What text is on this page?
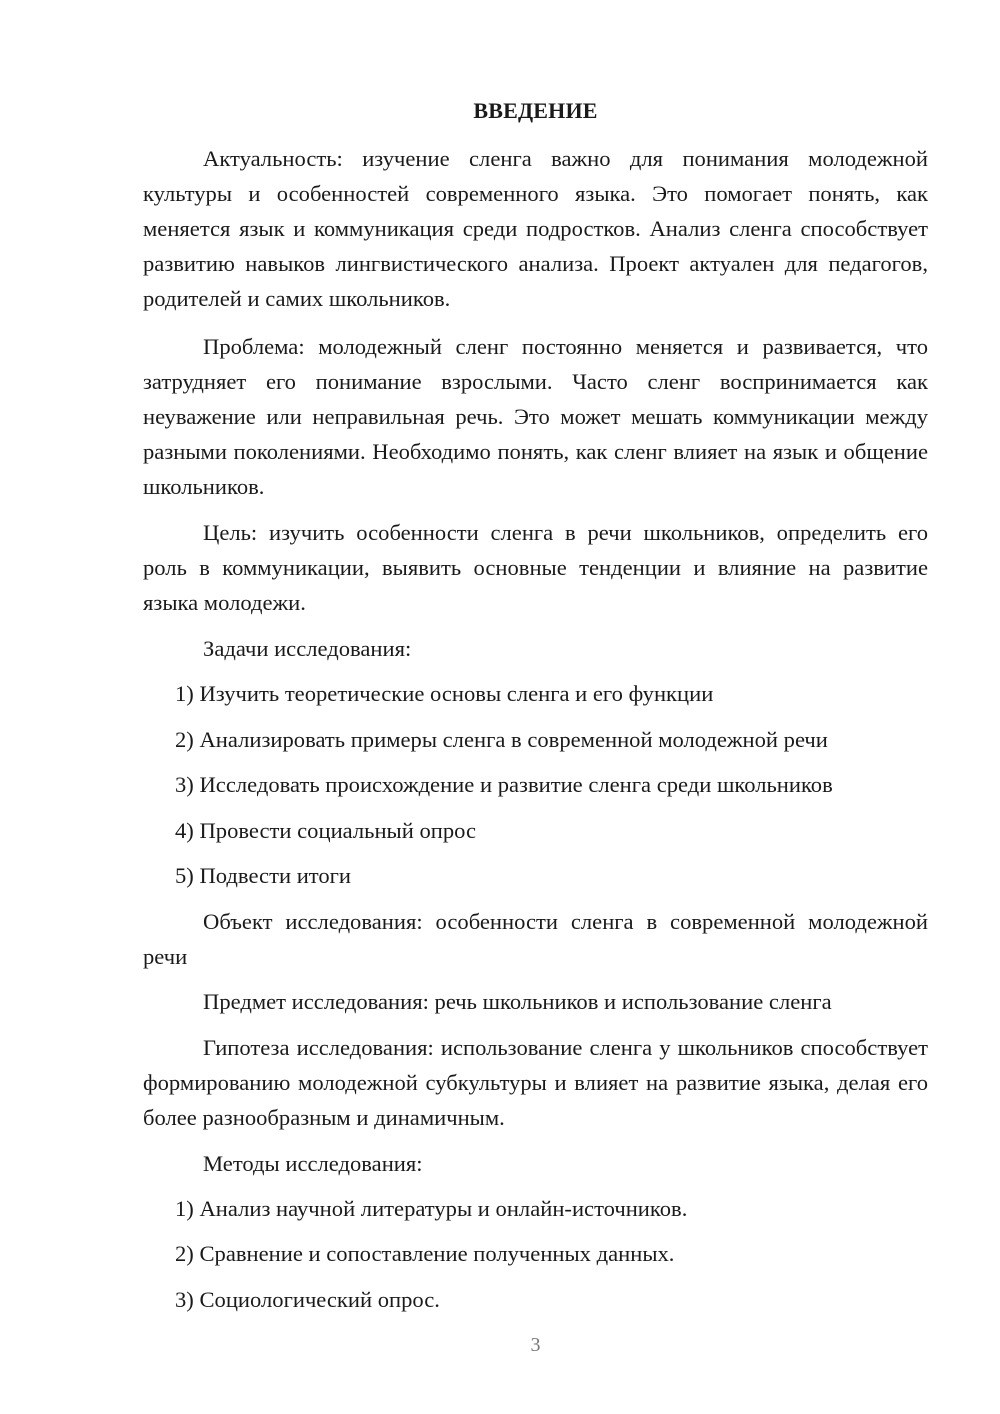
ВВЕДЕНИЕ
Актуальность: изучение сленга важно для понимания молодежной культуры и особенностей современного языка. Это помогает понять, как меняется язык и коммуникация среди подростков. Анализ сленга способствует развитию навыков лингвистического анализа. Проект актуален для педагогов, родителей и самих школьников.
Проблема: молодежный сленг постоянно меняется и развивается, что затрудняет его понимание взрослыми. Часто сленг воспринимается как неуважение или неправильная речь. Это может мешать коммуникации между разными поколениями. Необходимо понять, как сленг влияет на язык и общение школьников.
Цель: изучить особенности сленга в речи школьников, определить его роль в коммуникации, выявить основные тенденции и влияние на развитие языка молодежи.
Задачи исследования:
1) Изучить теоретические основы сленга и его функции
2) Анализировать примеры сленга в современной молодежной речи
3) Исследовать происхождение и развитие сленга среди школьников
4) Провести социальный опрос
5) Подвести итоги
Объект исследования: особенности сленга в современной молодежной речи
Предмет исследования: речь школьников и использование сленга
Гипотеза исследования: использование сленга у школьников способствует формированию молодежной субкультуры и влияет на развитие языка, делая его более разнообразным и динамичным.
Методы исследования:
1) Анализ научной литературы и онлайн-источников.
2) Сравнение и сопоставление полученных данных.
3) Социологический опрос.
3
